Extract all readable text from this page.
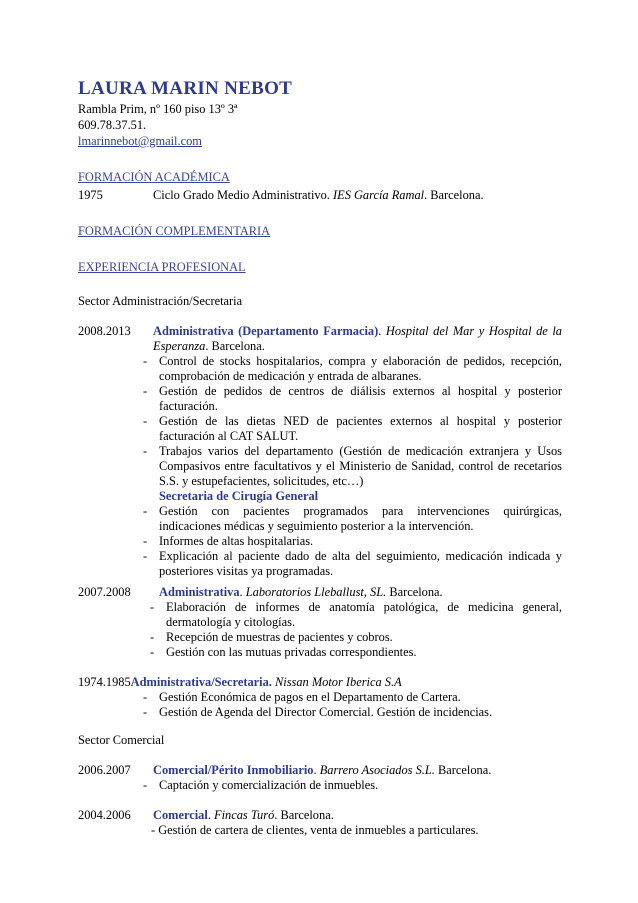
LAURA MARIN NEBOT
Rambla Prim, nº 160 piso 13º 3ª
609.78.37.51.
lmarinnebot@gmail.com
FORMACIÓN ACADÉMICA
1975	Ciclo Grado Medio Administrativo. IES García Ramal. Barcelona.
FORMACIÓN COMPLEMENTARIA
EXPERIENCIA PROFESIONAL
Sector Administración/Secretaria
2008.2013	Administrativa (Departamento Farmacia). Hospital del Mar y Hospital de la Esperanza. Barcelona.
- Control de stocks hospitalarios, compra y elaboración de pedidos, recepción, comprobación de medicación y entrada de albaranes.
- Gestión de pedidos de centros de diálisis externos al hospital y posterior facturación.
- Gestión de las dietas NED de pacientes externos al hospital y posterior facturación al CAT SALUT.
- Trabajos varios del departamento (Gestión de medicación extranjera y Usos Compasivos entre facultativos y el Ministerio de Sanidad, control de recetarios S.S. y estupefacientes, solicitudes, etc…)
Secretaria de Cirugía General
- Gestión con pacientes programados para intervenciones quirúrgicas, indicaciones médicas y seguimiento posterior a la intervención.
- Informes de altas hospitalarias.
- Explicación al paciente dado de alta del seguimiento, medicación indicada y posteriores visitas ya programadas.
2007.2008	Administrativa. Laboratorios Lleballust, SL. Barcelona.
- Elaboración de informes de anatomía patológica, de medicina general, dermatología y citologías.
- Recepción de muestras de pacientes y cobros.
- Gestión con las mutuas privadas correspondientes.
1974.1985 Administrativa/Secretaria. Nissan Motor Iberica S.A
- Gestión Económica de pagos en el Departamento de Cartera.
- Gestión de Agenda del Director Comercial. Gestión de incidencias.
Sector Comercial
2006.2007	Comercial/Périto Inmobiliario. Barrero Asociados S.L. Barcelona.
- Captación y comercialización de inmuebles.
2004.2006	Comercial. Fincas Turó. Barcelona.
- Gestión de cartera de clientes, venta de inmuebles a particulares.
